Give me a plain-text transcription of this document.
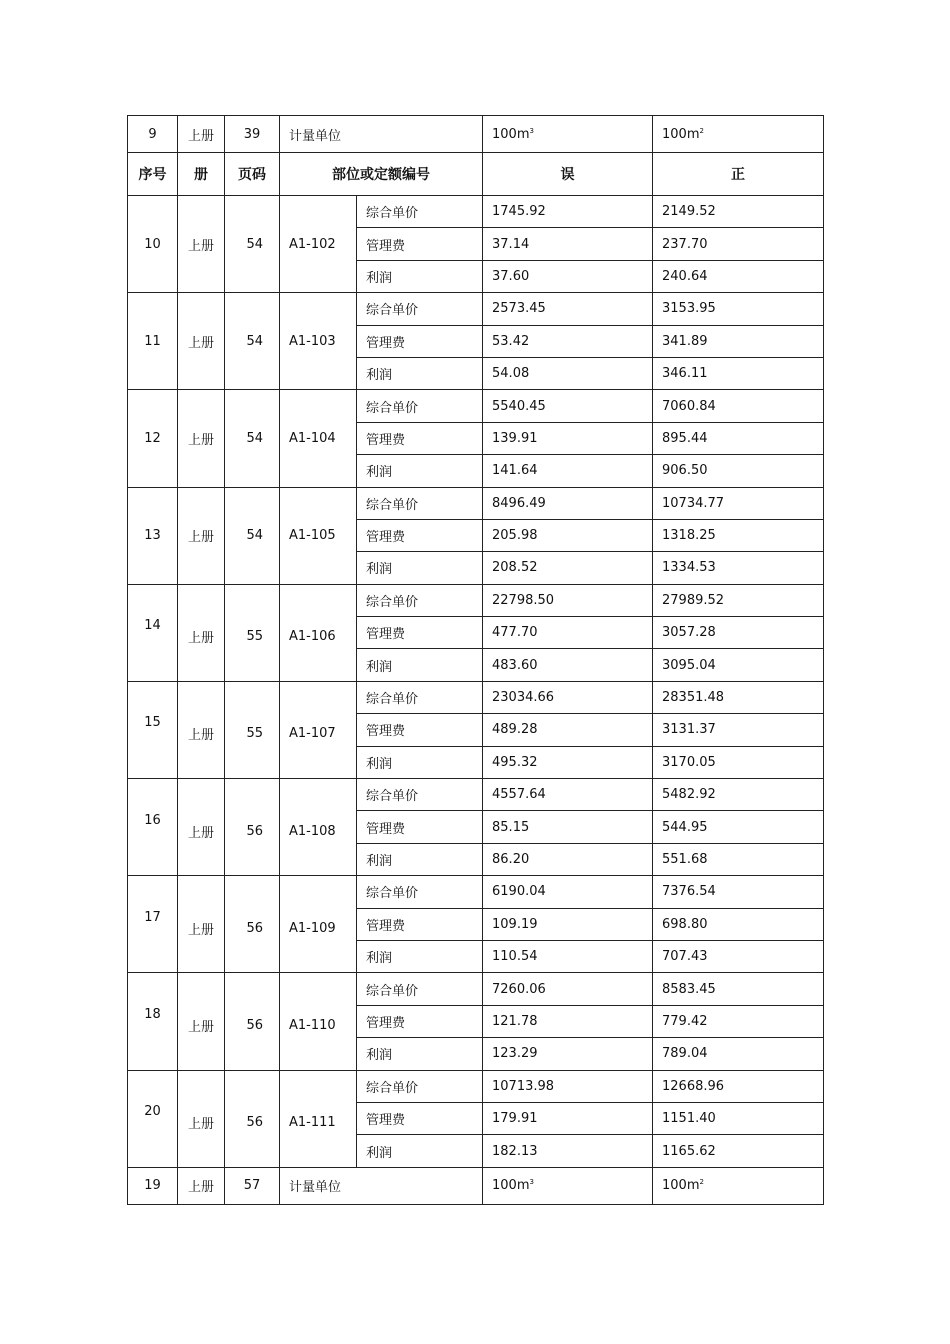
9	上册	39	计量单位		$100m^3$	$100m^2$
序号	册	页码	部位或定额编号		误	正
10	上册	54	A1-102	综合单价	1745.92	2149.52
				管理费	37.14	237.70
				利润	37.60	240.64
11	上册	54	A1-103	综合单价	2573.45	3153.95
				管理费	53.42	341.89
				利润	54.08	346.11
12	上册	54	A1-104	综合单价	5540.45	7060.84
				管理费	139.91	895.44
				利润	141.64	906.50
13	上册	54	A1-105	综合单价	8496.49	10734.77
				管理费	205.98	1318.25
				利润	208.52	1334.53
14	上册	55	A1-106	综合单价	22798.50	27989.52
				管理费	477.70	3057.28
				利润	483.60	3095.04
15	上册	55	A1-107	综合单价	23034.66	28351.48
				管理费	489.28	3131.37
				利润	495.32	3170.05
16	上册	56	A1-108	综合单价	4557.64	5482.92
				管理费	85.15	544.95
				利润	86.20	551.68
17	上册	56	A1-109	综合单价	6190.04	7376.54
				管理费	109.19	698.80
				利润	110.54	707.43
18	上册	56	A1-110	综合单价	7260.06	8583.45
				管理费	121.78	779.42
				利润	123.29	789.04
20	上册	56	A1-111	综合单价	10713.98	12668.96
				管理费	179.91	1151.40
				利润	182.13	1165.62
19	上册	57	计量单位		$100m^3$	$100m^2$
